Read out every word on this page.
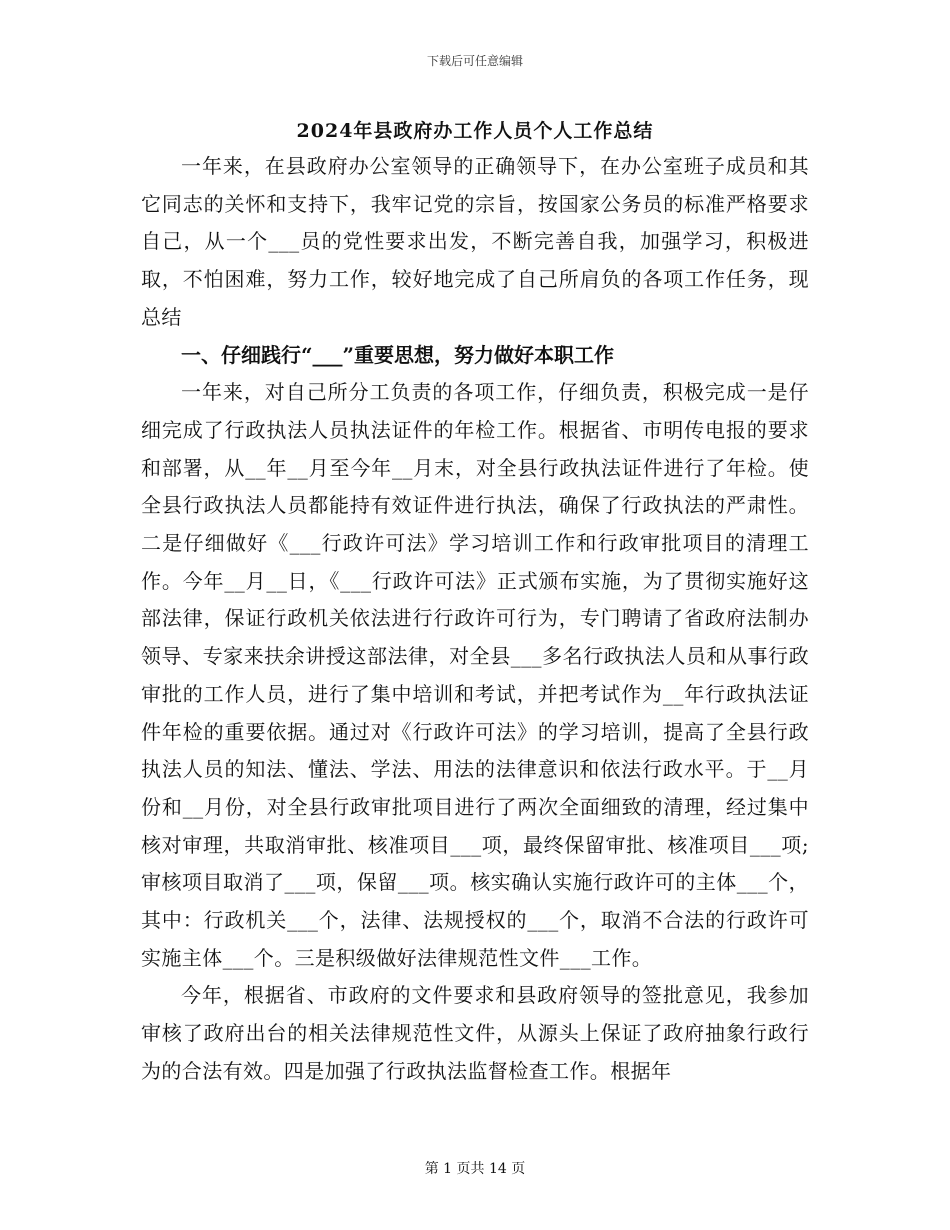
下载后可任意编辑
2024年县政府办工作人员个人工作总结

一年来，在县政府办公室领导的正确领导下，在办公室班子成员和其它同志的关怀和支持下，我牢记党的宗旨，按国家公务员的标准严格要求自己，从一个___员的党性要求出发，不断完善自我，加强学习，积极进取，不怕困难，努力工作，较好地完成了自己所肩负的各项工作任务，现总结

一、仔细践行“___”重要思想，努力做好本职工作

一年来，对自己所分工负责的各项工作，仔细负责，积极完成一是仔细完成了行政执法人员执法证件的年检工作。根据省、市明传电报的要求和部署，从__年__月至今年__月末，对全县行政执法证件进行了年检。使全县行政执法人员都能持有效证件进行执法，确保了行政执法的严肃性。二是仔细做好《___行政许可法》学习培训工作和行政审批项目的清理工作。今年__月__日，《___行政许可法》正式颁布实施，为了贯彻实施好这部法律，保证行政机关依法进行行政许可行为，专门聘请了省政府法制办领导、专家来扶余讲授这部法律，对全县___多名行政执法人员和从事行政审批的工作人员，进行了集中培训和考试，并把考试作为__年行政执法证件年检的重要依据。通过对《行政许可法》的学习培训，提高了全县行政执法人员的知法、懂法、学法、用法的法律意识和依法行政水平。于__月份和__月份，对全县行政审批项目进行了两次全面细致的清理，经过集中核对审理，共取消审批、核准项目___项，最终保留审批、核准项目___项;审核项目取消了___项，保留___项。核实确认实施行政许可的主体___个，其中：行政机关___个，法律、法规授权的___个，取消不合法的行政许可实施主体___个。三是积级做好法律规范性文件___工作。

今年，根据省、市政府的文件要求和县政府领导的签批意见，我参加审核了政府出台的相关法律规范性文件，从源头上保证了政府抽象行政行为的合法有效。四是加强了行政执法监督检查工作。根据年

第 1 页共 14 页
